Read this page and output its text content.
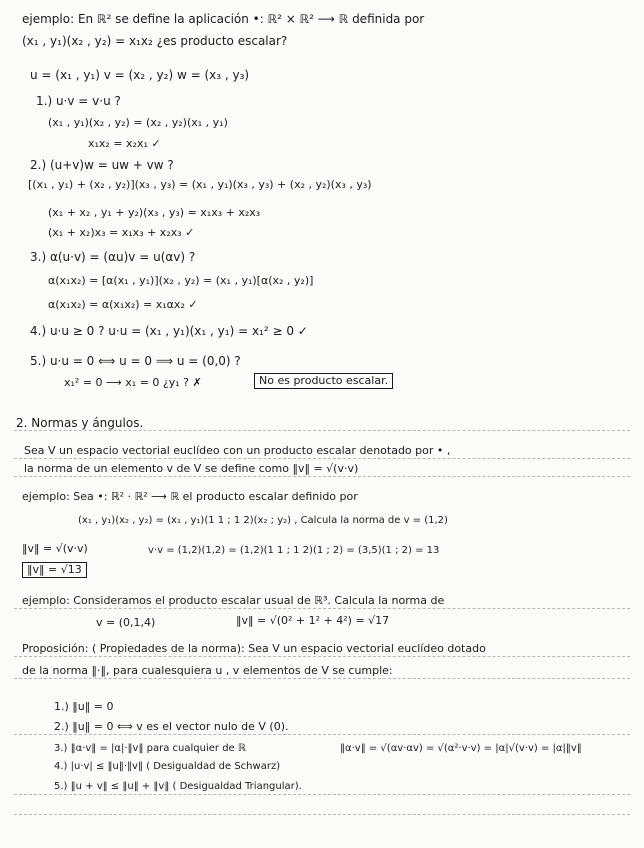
ejemplo: En ℝ² se define la aplicación •: ℝ² × ℝ² ⟶ ℝ definida por
(x₁ , y₁)(x₂ , y₂) = x₁x₂ ¿es producto escalar?
u = (x₁ , y₁) v = (x₂ , y₂) w = (x₃ , y₃)
1.) u·v = v·u ?
(x₁ , y₁)(x₂ , y₂) = (x₂ , y₂)(x₁ , y₁)
x₁x₂ = x₂x₁ ✓
2.) (u+v)w = uw + vw ?
[(x₁ , y₁) + (x₂ , y₂)](x₃ , y₃) = (x₁ , y₁)(x₃ , y₃) + (x₂ , y₂)(x₃ , y₃)
(x₁ + x₂ , y₁ + y₂)(x₃ , y₃) = x₁x₃ + x₂x₃
(x₁ + x₂)x₃ = x₁x₃ + x₂x₃ ✓
3.) α(u·v) = (αu)v = u(αv) ?
α(x₁x₂) = [α(x₁ , y₁)](x₂ , y₂) = (x₁ , y₁)[α(x₂ , y₂)]
α(x₁x₂) = α(x₁x₂) = x₁αx₂ ✓
4.) u·u ≥ 0 ? u·u = (x₁ , y₁)(x₁ , y₁) = x₁² ≥ 0 ✓
5.) u·u = 0 ⟺ u = 0 ⟹ u = (0,0) ?
x₁² = 0 ⟶ x₁ = 0 ¿y₁ ? ✗	No es producto escalar.
2. Normas y ángulos.
Sea V un espacio vectorial euclídeo con un producto escalar denotado por • ,
la norma de un elemento v de V se define como ‖v‖ = √(v·v)
ejemplo: Sea •: ℝ² · ℝ² ⟶ ℝ el producto escalar definido por
(x₁ , y₁)(x₂ , y₂) = (x₁ , y₁)(1 1 ; 1 2)(x₂ ; y₂) , Calcula la norma de v = (1,2)
‖v‖ = √(v·v)	v·v = (1,2)(1,2) = (1,2)(1 1 ; 1 2)(1 ; 2) = (3,5)(1 ; 2) = 13
‖v‖ = √13
ejemplo: Consideramos el producto escalar usual de ℝ³. Calcula la norma de
v = (0,1,4)	‖v‖ = √(0² + 1² + 4²) = √17
Proposición: ( Propiedades de la norma): Sea V un espacio vectorial euclídeo dotado
de la norma ‖·‖, para cualesquiera u , v elementos de V se cumple:
1.) ‖u‖ = 0
2.) ‖u‖ = 0 ⟺ v es el vector nulo de V (0).
3.) ‖α·v‖ = |α|·‖v‖ para cualquier de ℝ	‖α·v‖ = √(αv·αv) = √(α²·v·v) = |α|√(v·v) = |α|‖v‖
4.) |u·v| ≤ ‖u‖·‖v‖ ( Desigualdad de Schwarz)
5.) ‖u + v‖ ≤ ‖u‖ + ‖v‖ ( Desigualdad Triangular).
